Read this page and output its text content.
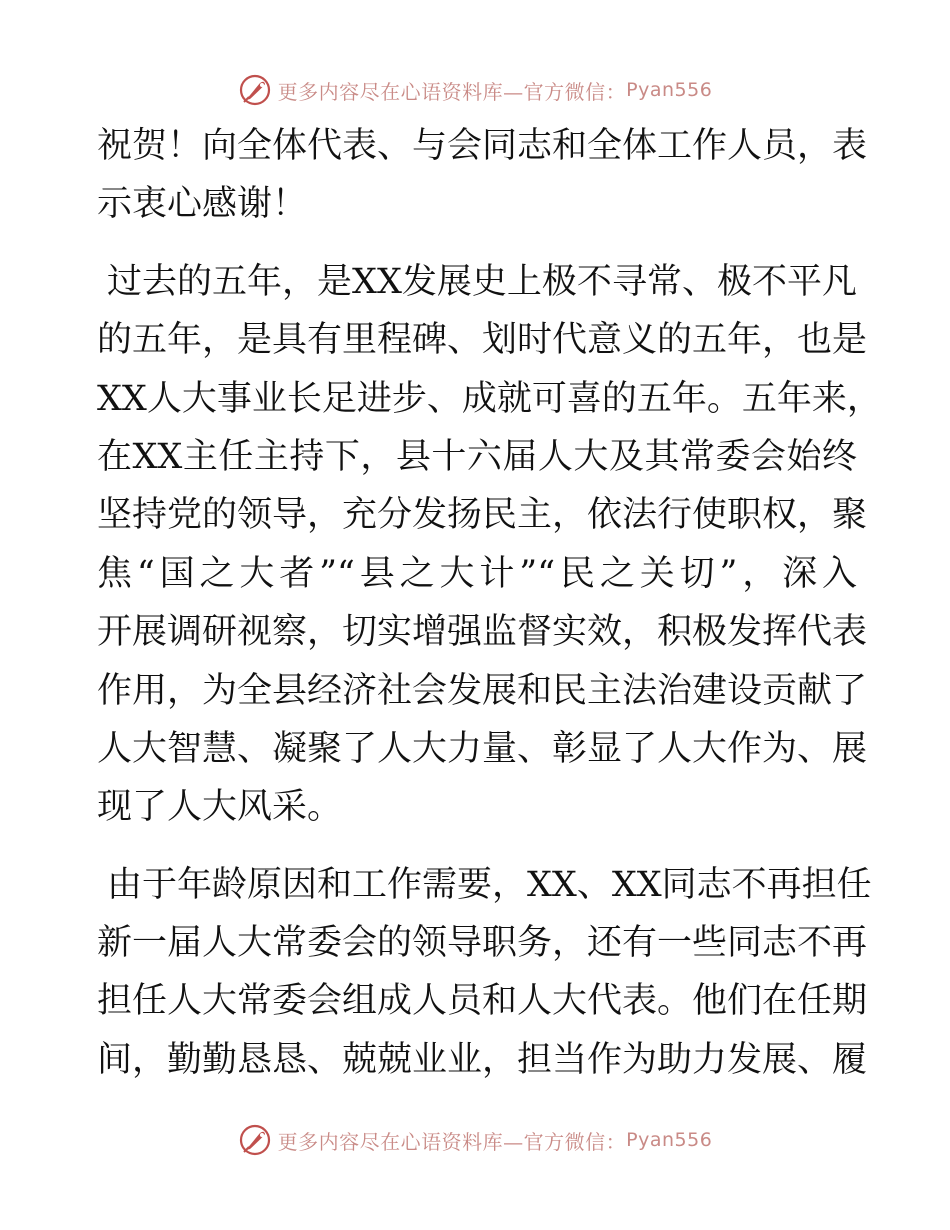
更多内容尽在心语资料库—官方微信： Pyan556
祝贺！向全体代表、与会同志和全体工作人员，表
示衷心感谢！
过去的五年，是XX发展史上极不寻常、极不平凡
的五年，是具有里程碑、划时代意义的五年，也是
XX人大事业长足进步、成就可喜的五年。五年来，
在XX主任主持下，县十六届人大及其常委会始终
坚持党的领导，充分发扬民主，依法行使职权，聚
焦“国之大者”“县之大计”“民之关切”，深入
开展调研视察，切实增强监督实效，积极发挥代表
作用，为全县经济社会发展和民主法治建设贡献了
人大智慧、凝聚了人大力量、彰显了人大作为、展
现了人大风采。
由于年龄原因和工作需要，XX、XX同志不再担任
新一届人大常委会的领导职务，还有一些同志不再
担任人大常委会组成人员和人大代表。他们在任期
间，勤勤恳恳、兢兢业业，担当作为助力发展、履
更多内容尽在心语资料库—官方微信： Pyan556
